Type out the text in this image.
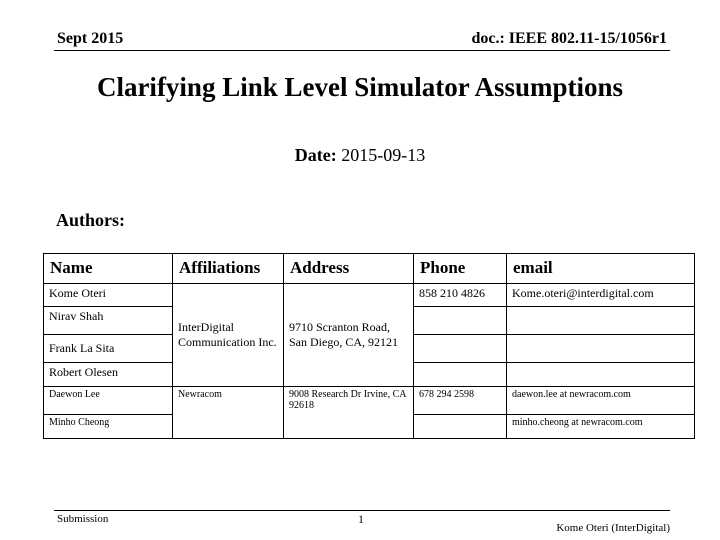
Sept 2015	doc.: IEEE 802.11-15/1056r1
Clarifying Link Level Simulator Assumptions
Date: 2015-09-13
Authors:
Name	Affiliations	Address	Phone	email
Kome Oteri	InterDigital Communication Inc.	9710 Scranton Road, San Diego, CA, 92121	858 210 4826	Kome.oteri@interdigital.com
Nirav Shah				
Frank La Sita				
Robert Olesen				
Daewon Lee	Newracom	9008 Research Dr Irvine, CA 92618	678 294 2598	daewon.lee at newracom.com
Minho Cheong				minho.cheong at newracom.com
Submission	1
Kome Oteri (InterDigital)
